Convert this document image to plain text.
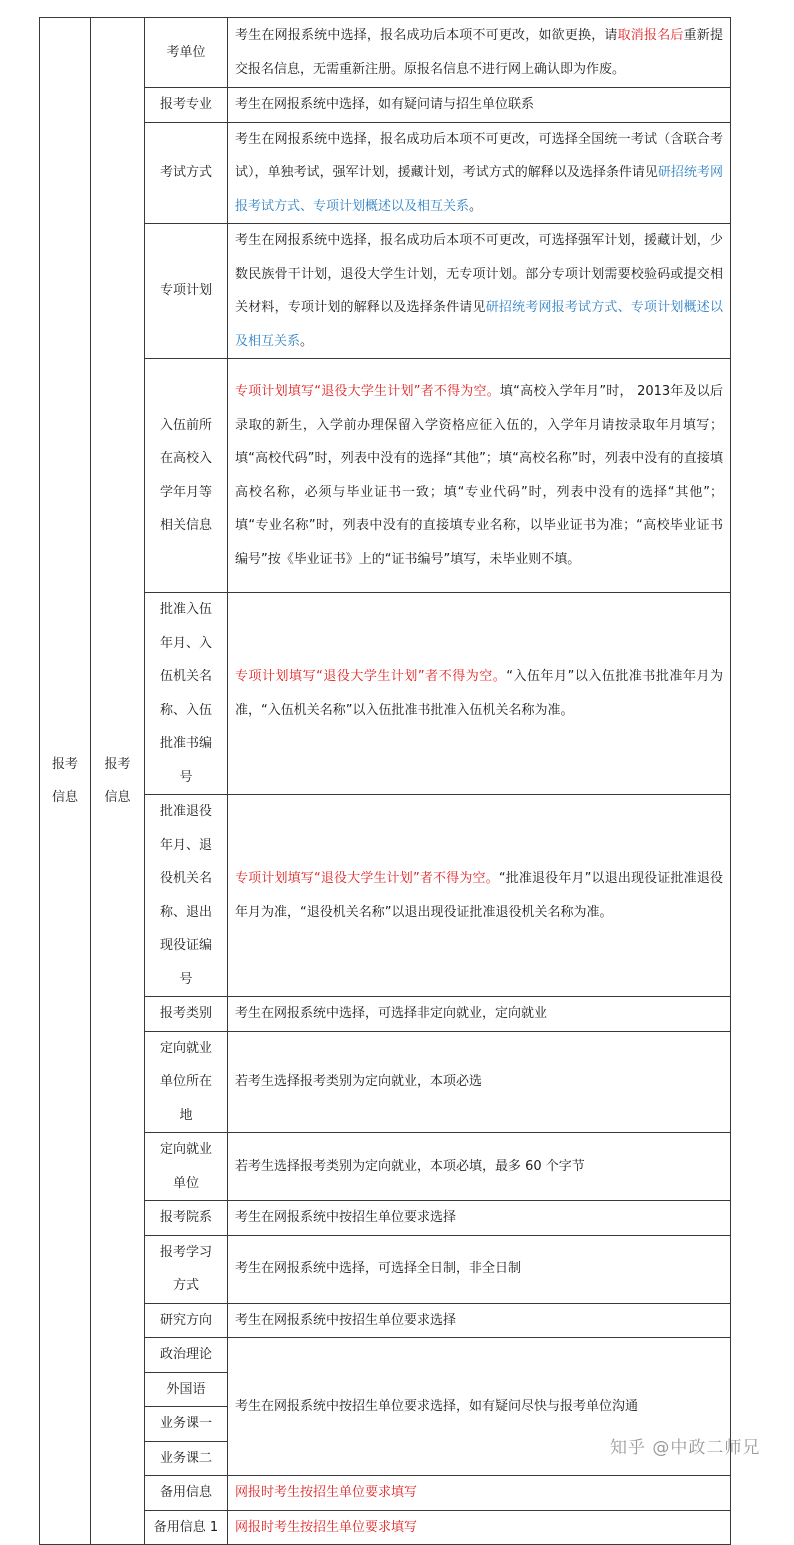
报考信息	报考信息	考单位	考生在网报系统中选择，报名成功后本项不可更改，如欲更换，请取消报名后重新提交报名信息，无需重新注册。原报名信息不进行网上确认即为作废。
		报考专业	考生在网报系统中选择，如有疑问请与招生单位联系
		考试方式	考生在网报系统中选择，报名成功后本项不可更改，可选择全国统一考试（含联合考试），单独考试，强军计划，援藏计划，考试方式的解释以及选择条件请见研招统考网报考试方式、专项计划概述以及相互关系。
		专项计划	考生在网报系统中选择，报名成功后本项不可更改，可选择强军计划，援藏计划，少数民族骨干计划，退役大学生计划，无专项计划。部分专项计划需要校验码或提交相关材料，专项计划的解释以及选择条件请见研招统考网报考试方式、专项计划概述以及相互关系。
		入伍前所在高校入学年月等相关信息	专项计划填写“退役大学生计划”者不得为空。填“高校入学年月”时， 2013年及以后录取的新生，入学前办理保留入学资格应征入伍的，入学年月请按录取年月填写；填“高校代码”时，列表中没有的选择“其他”；填“高校名称”时，列表中没有的直接填高校名称，必须与毕业证书一致；填“专业代码”时，列表中没有的选择“其他”；填“专业名称”时，列表中没有的直接填专业名称，以毕业证书为准；“高校毕业证书编号”按《毕业证书》上的“证书编号”填写，未毕业则不填。
		批准入伍年月、入伍机关名称、入伍批准书编号	专项计划填写“退役大学生计划”者不得为空。“入伍年月”以入伍批准书批准年月为准，“入伍机关名称”以入伍批准书批准入伍机关名称为准。
		批准退役年月、退役机关名称、退出现役证编号	专项计划填写“退役大学生计划”者不得为空。“批准退役年月”以退出现役证批准退役年月为准，“退役机关名称”以退出现役证批准退役机关名称为准。
		报考类别	考生在网报系统中选择，可选择非定向就业，定向就业
		定向就业单位所在地	若考生选择报考类别为定向就业，本项必选
		定向就业单位	若考生选择报考类别为定向就业，本项必填，最多 60 个字节
		报考院系	考生在网报系统中按招生单位要求选择
		报考学习方式	考生在网报系统中选择，可选择全日制，非全日制
		研究方向	考生在网报系统中按招生单位要求选择
		政治理论	考生在网报系统中按招生单位要求选择，如有疑问尽快与报考单位沟通
		外国语	
		业务课一	
		业务课二	
		备用信息	网报时考生按招生单位要求填写
		备用信息 1	网报时考生按招生单位要求填写
知乎 @中政二师兄
